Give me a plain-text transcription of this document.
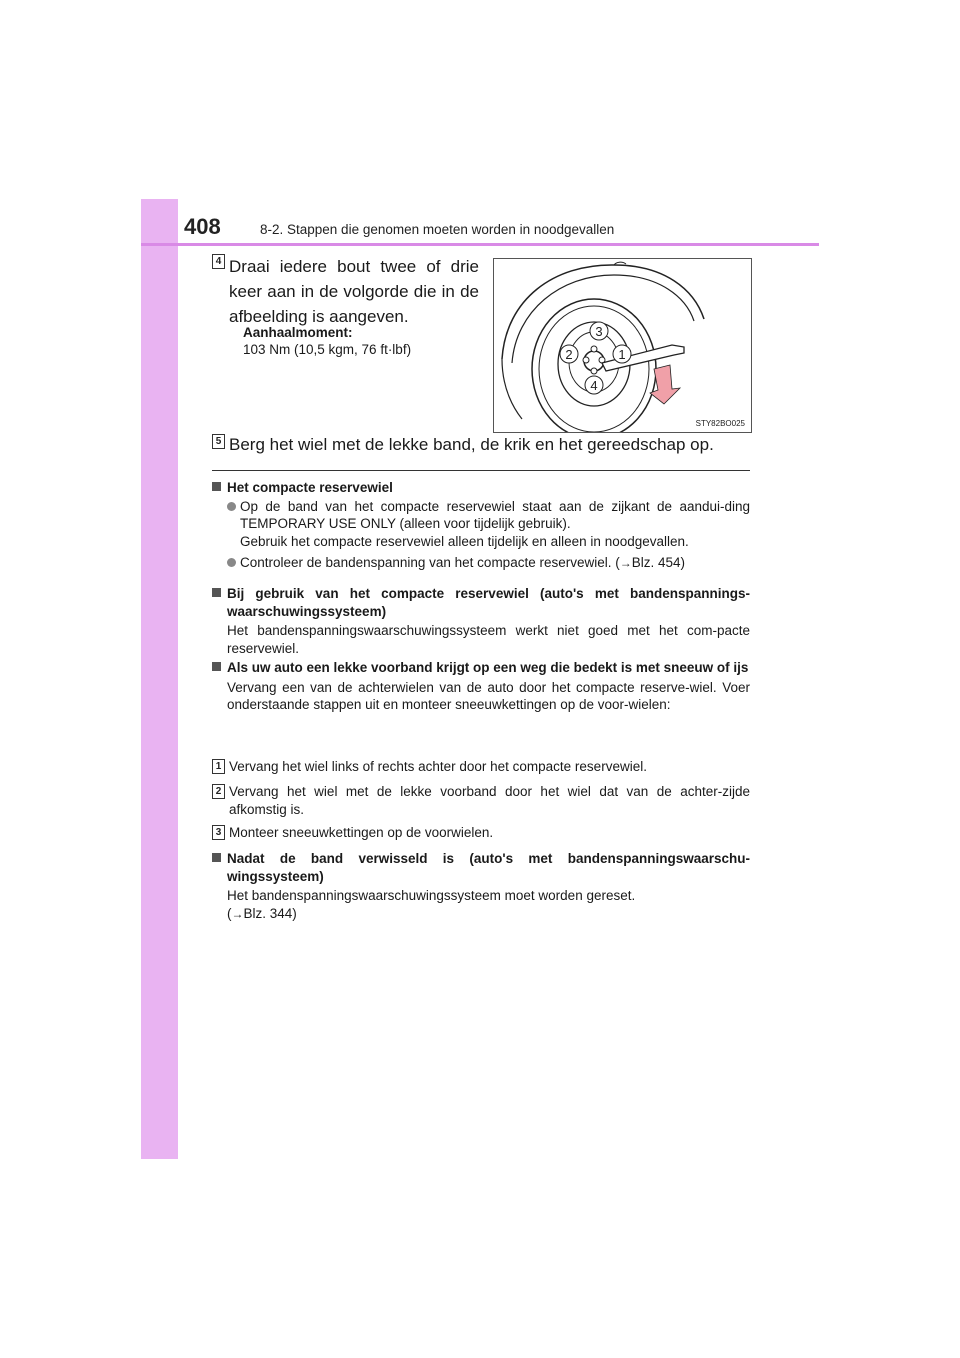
408	8-2. Stappen die genomen moeten worden in noodgevallen
4 Draai iedere bout twee of drie keer aan in de volgorde die in de afbeelding is aangeven.
Aanhaalmoment:
103 Nm (10,5 kgm, 76 ft·lbf)
3
2	1
4
STY82BO025
5 Berg het wiel met de lekke band, de krik en het gereedschap op.
Het compacte reservewiel
Op de band van het compacte reservewiel staat aan de zijkant de aandui-ding TEMPORARY USE ONLY (alleen voor tijdelijk gebruik).
Gebruik het compacte reservewiel alleen tijdelijk en alleen in noodgevallen.
Controleer de bandenspanning van het compacte reservewiel. (→Blz. 454)
Bij gebruik van het compacte reservewiel (auto's met bandenspannings-waarschuwingssysteem)
Het bandenspanningswaarschuwingssysteem werkt niet goed met het com-pacte reservewiel.
Als uw auto een lekke voorband krijgt op een weg die bedekt is met sneeuw of ijs
Vervang een van de achterwielen van de auto door het compacte reserve-wiel. Voer onderstaande stappen uit en monteer sneeuwkettingen op de voor-wielen:
1 Vervang het wiel links of rechts achter door het compacte reservewiel.
2 Vervang het wiel met de lekke voorband door het wiel dat van de achter-zijde afkomstig is.
3 Monteer sneeuwkettingen op de voorwielen.
Nadat de band verwisseld is (auto's met bandenspanningswaarschu-wingssysteem)
Het bandenspanningswaarschuwingssysteem moet worden gereset.
(→Blz. 344)
